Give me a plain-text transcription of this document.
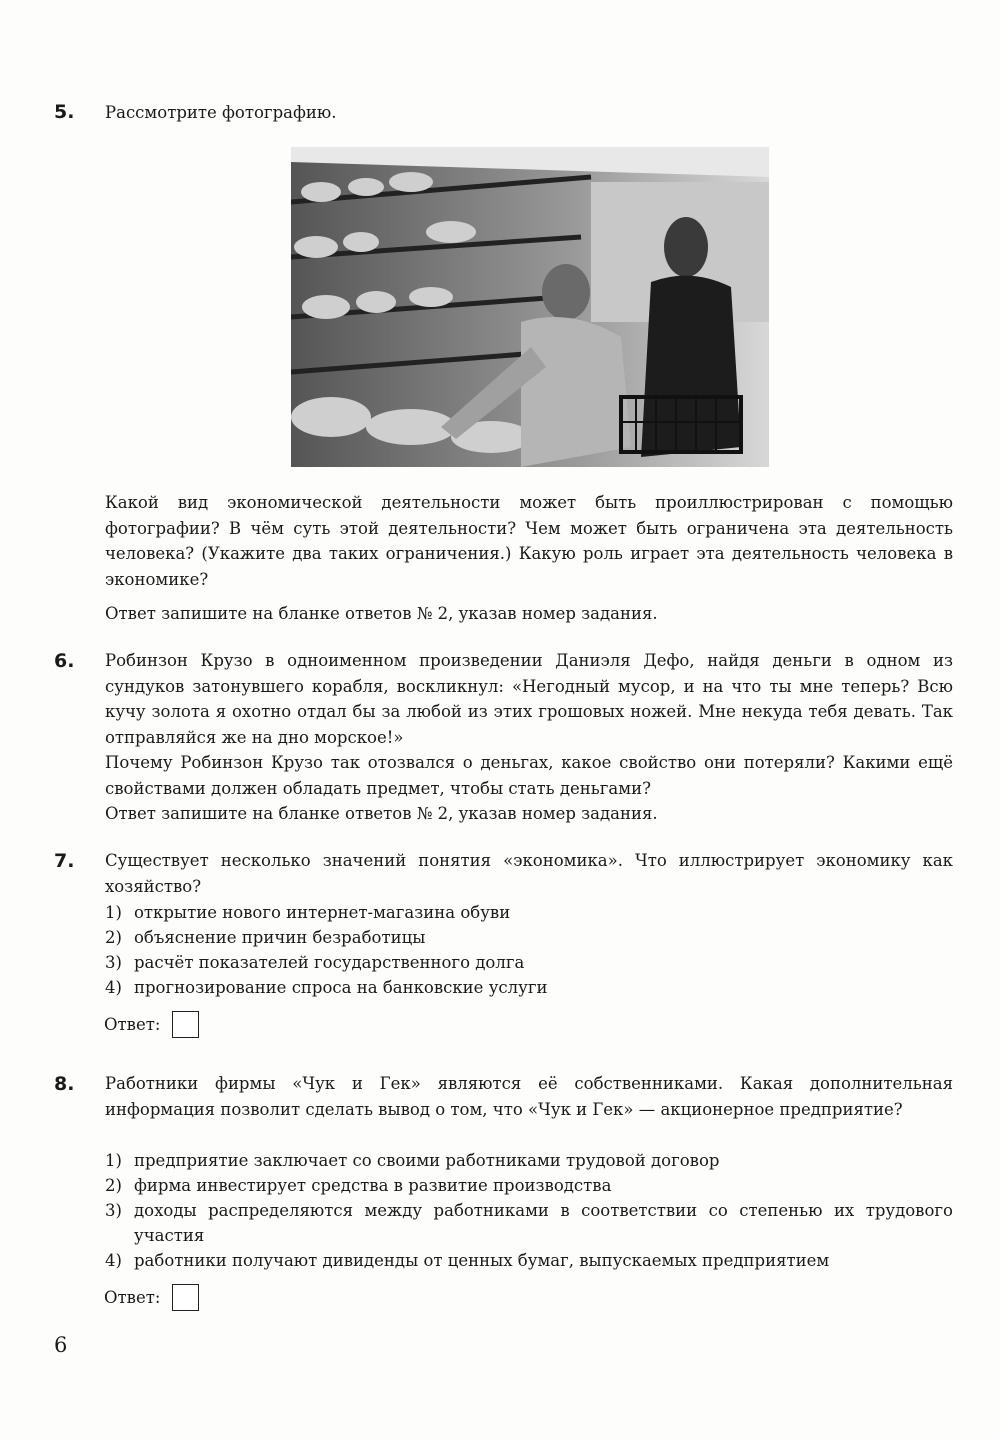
5. Рассмотрите фотографию.

Какой вид экономической деятельности может быть проиллюстрирован с помощью фотографии? В чём суть этой деятельности? Чем может быть ограничена эта деятельность человека? (Укажите два таких ограничения.) Какую роль играет эта деятельность человека в экономике?

Ответ запишите на бланке ответов № 2, указав номер задания.

6. Робинзон Крузо в одноименном произведении Даниэля Дефо, найдя деньги в одном из сундуков затонувшего корабля, воскликнул: «Негодный мусор, и на что ты мне теперь? Всю кучу золота я охотно отдал бы за любой из этих грошовых ножей. Мне некуда тебя девать. Так отправляйся же на дно морское!»

Почему Робинзон Крузо так отозвался о деньгах, какое свойство они потеряли? Какими ещё свойствами должен обладать предмет, чтобы стать деньгами?

Ответ запишите на бланке ответов № 2, указав номер задания.

7. Существует несколько значений понятия «экономика». Что иллюстрирует экономику как хозяйство?

1) открытие нового интернет-магазина обуви
2) объяснение причин безработицы
3) расчёт показателей государственного долга
4) прогнозирование спроса на банковские услуги
Ответ:
8. Работники фирмы «Чук и Гек» являются её собственниками. Какая дополнительная информация позволит сделать вывод о том, что «Чук и Гек» — акционерное предприятие?

1) предприятие заключает со своими работниками трудовой договор
2) фирма инвестирует средства в развитие производства
3) доходы распределяются между работниками в соответствии со степенью их трудового участия
4) работники получают дивиденды от ценных бумаг, выпускаемых предприятием
Ответ:
6
